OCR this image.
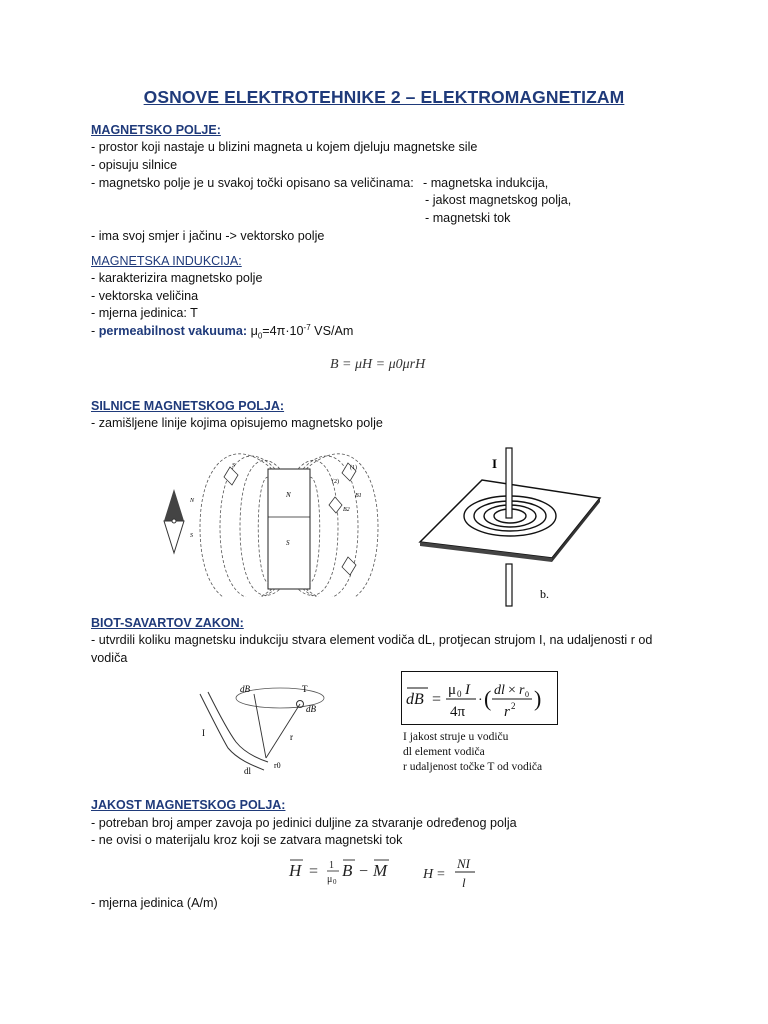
OSNOVE ELEKTROTEHNIKE 2 – ELEKTROMAGNETIZAM
MAGNETSKO POLJE:
- prostor koji nastaje u blizini magneta u kojem djeluju magnetske sile
- opisuju silnice
- magnetsko polje je u svakoj točki opisano sa veličinama: - magnetska indukcija,
- jakost magnetskog polja,
- magnetski tok
- ima svoj smjer i jačinu -> vektorsko polje
MAGNETSKA INDUKCIJA:
- karakterizira magnetsko polje
- vektorska veličina
- mjerna jedinica: T
- permeabilnost vakuuma: $\mu_0=4\pi\cdot 10^{-7}$ VS/Am
B = μH = μ0μrH
SILNICE MAGNETSKOG POLJA:
- zamišljene linije kojima opisujemo magnetsko polje
N
S
N
S
S	(1)
(2)
B1
B2
I
b.
BIOT-SAVARTOV ZAKON:
- utvrdili koliku magnetsku indukciju stvara element vodiča dL, protjecan strujom I, na udaljenosti r od
vodiča
dB	T
dB
I	r
r0
dl
dB =
μ 0 I
4π
· ( dl × r 0
r 2 )
I jakost struje u vodiču
dl element vodiča
r udaljenost točke T od vodiča
JAKOST MAGNETSKOG POLJA:
- potreban broj amper zavoja po jedinici duljine za stvaranje određenog polja
- ne ovisi o materijalu kroz koji se zatvara magnetski tok
H = 1
μ 0
B − M	H =
NI
l
- mjerna jedinica (A/m)
